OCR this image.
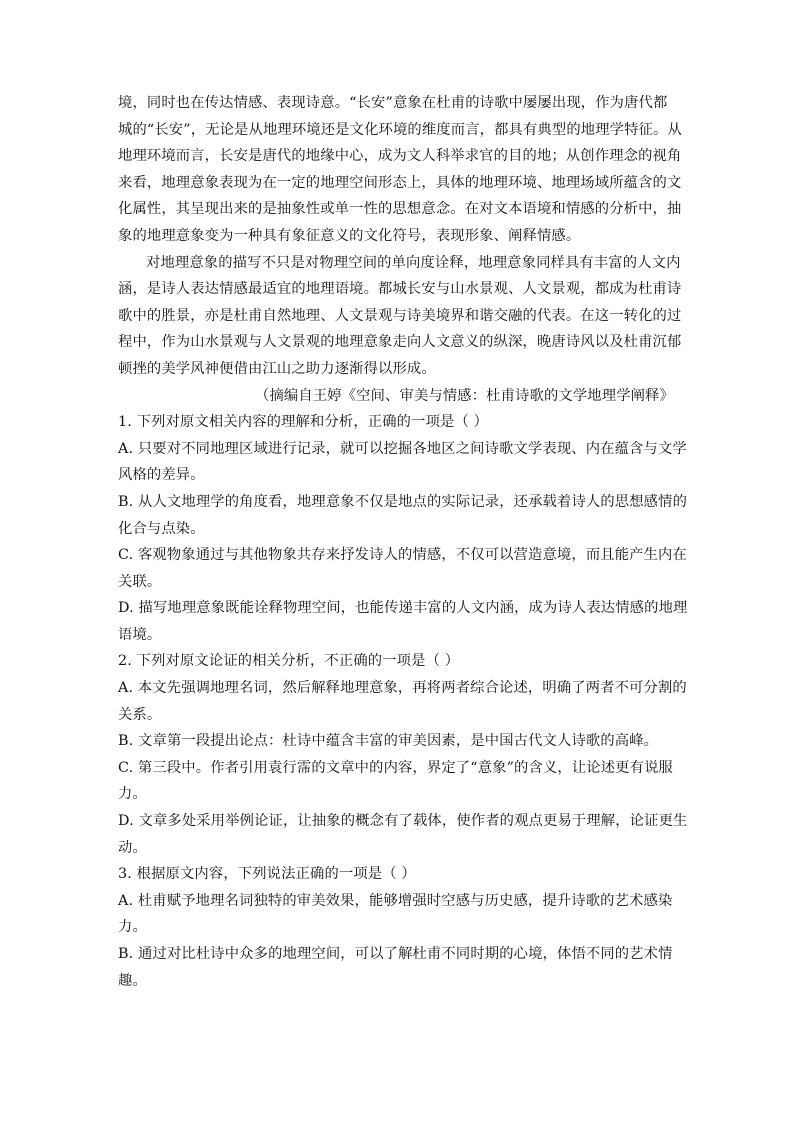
境，同时也在传达情感、表现诗意。“长安”意象在杜甫的诗歌中屡屡出现，作为唐代都
城的“长安”，无论是从地理环境还是文化环境的维度而言，都具有典型的地理学特征。从
地理环境而言，长安是唐代的地缘中心，成为文人科举求官的目的地；从创作理念的视角
来看，地理意象表现为在一定的地理空间形态上，具体的地理环境、地理场域所蕴含的文
化属性，其呈现出来的是抽象性或单一性的思想意念。在对文本语境和情感的分析中，抽
象的地理意象变为一种具有象征意义的文化符号，表现形象、阐释情感。
对地理意象的描写不只是对物理空间的单向度诠释，地理意象同样具有丰富的人文内
涵，是诗人表达情感最适宜的地理语境。都城长安与山水景观、人文景观，都成为杜甫诗
歌中的胜景，亦是杜甫自然地理、人文景观与诗美境界和谐交融的代表。在这一转化的过
程中，作为山水景观与人文景观的地理意象走向人文意义的纵深，晚唐诗风以及杜甫沉郁
顿挫的美学风神便借由江山之助力逐渐得以形成。
（摘编自王婷《空间、审美与情感：杜甫诗歌的文学地理学阐释》
1. 下列对原文相关内容的理解和分析，正确的一项是（ ）
A. 只要对不同地理区域进行记录，就可以挖掘各地区之间诗歌文学表现、内在蕴含与文学
风格的差异。
B. 从人文地理学的角度看，地理意象不仅是地点的实际记录，还承载着诗人的思想感情的
化合与点染。
C. 客观物象通过与其他物象共存来抒发诗人的情感，不仅可以营造意境，而且能产生内在
关联。
D. 描写地理意象既能诠释物理空间，也能传递丰富的人文内涵，成为诗人表达情感的地理
语境。
2. 下列对原文论证的相关分析，不正确的一项是（ ）
A. 本文先强调地理名词，然后解释地理意象，再将两者综合论述，明确了两者不可分割的
关系。
B. 文章第一段提出论点：杜诗中蕴含丰富的审美因素，是中国古代文人诗歌的高峰。
C. 第三段中。作者引用袁行霈的文章中的内容，界定了“意象”的含义，让论述更有说服
力。
D. 文章多处采用举例论证，让抽象的概念有了载体，使作者的观点更易于理解，论证更生
动。
3. 根据原文内容，下列说法正确的一项是（ ）
A. 杜甫赋予地理名词独特的审美效果，能够增强时空感与历史感，提升诗歌的艺术感染
力。
B. 通过对比杜诗中众多的地理空间，可以了解杜甫不同时期的心境，体悟不同的艺术情
趣。
